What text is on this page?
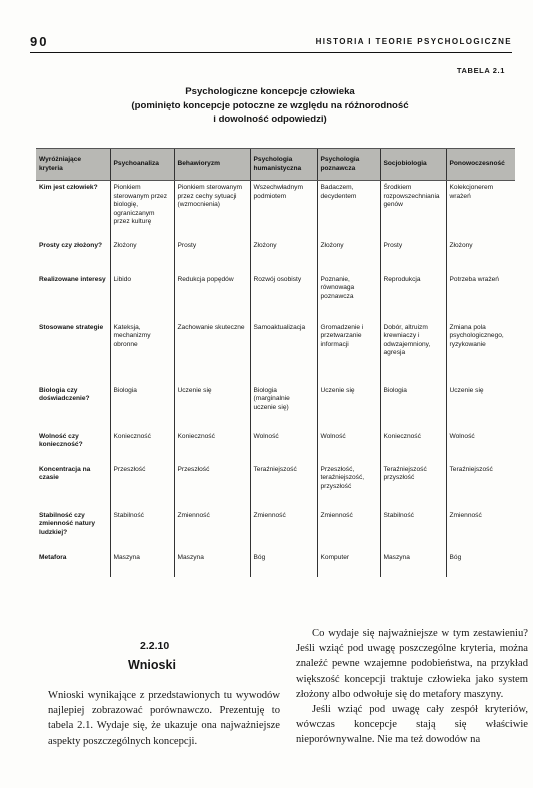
90	HISTORIA I TEORIE PSYCHOLOGICZNE
TABELA 2.1
Psychologiczne koncepcje człowieka
(pominięto koncepcje potoczne ze względu na różnorodność
i dowolność odpowiedzi)
Wyróżniające kryteria	Psychoanaliza	Behawioryzm	Psychologia humanistyczna	Psychologia poznawcza	Socjobiologia	Ponowoczesność
Kim jest człowiek?	Pionkiem sterowanym przez biologię, ograniczanym przez kulturę	Pionkiem sterowanym przez cechy sytuacji (wzmocnienia)	Wszechwładnym podmiotem	Badaczem, decydentem	Środkiem rozpowszechniania genów	Kolekcjonerem wrażeń
Prosty czy złożony?	Złożony	Prosty	Złożony	Złożony	Prosty	Złożony
Realizowane interesy	Libido	Redukcja popędów	Rozwój osobisty	Poznanie, równowaga poznawcza	Reprodukcja	Potrzeba wrażeń
Stosowane strategie	Kateksja, mechanizmy obronne	Zachowanie skuteczne	Samoaktualizacja	Gromadzenie i przetwarzanie informacji	Dobór, altruizm krewniaczy i odwzajemniony, agresja	Zmiana pola psychologicznego, ryzykowanie
Biologia czy doświadczenie?	Biologia	Uczenie się	Biologia (marginalnie uczenie się)	Uczenie się	Biologia	Uczenie się
Wolność czy konieczność?	Konieczność	Konieczność	Wolność	Wolność	Konieczność	Wolność
Koncentracja na czasie	Przeszłość	Przeszłość	Teraźniejszość	Przeszłość, teraźniejszość, przyszłość	Teraźniejszość przyszłość	Teraźniejszość
Stabilność czy zmienność natury ludzkiej?	Stabilność	Zmienność	Zmienność	Zmienność	Stabilność	Zmienność
Metafora	Maszyna	Maszyna	Bóg	Komputer	Maszyna	Bóg
2.2.10
Wnioski
Wnioski wynikające z przedstawionych tu wywodów najlepiej zobrazować porównawczo. Prezentuję to tabela 2.1. Wydaje się, że ukazuje ona najważniejsze aspekty poszczególnych koncepcji.

Co wydaje się najważniejsze w tym zestawieniu? Jeśli wziąć pod uwagę poszczególne kryteria, można znaleźć pewne wzajemne podobieństwa, na przykład większość koncepcji traktuje człowieka jako system złożony albo odwołuje się do metafory maszyny.

Jeśli wziąć pod uwagę cały zespół kryteriów, wówczas koncepcje stają się właściwie nieporównywalne. Nie ma też dowodów na
